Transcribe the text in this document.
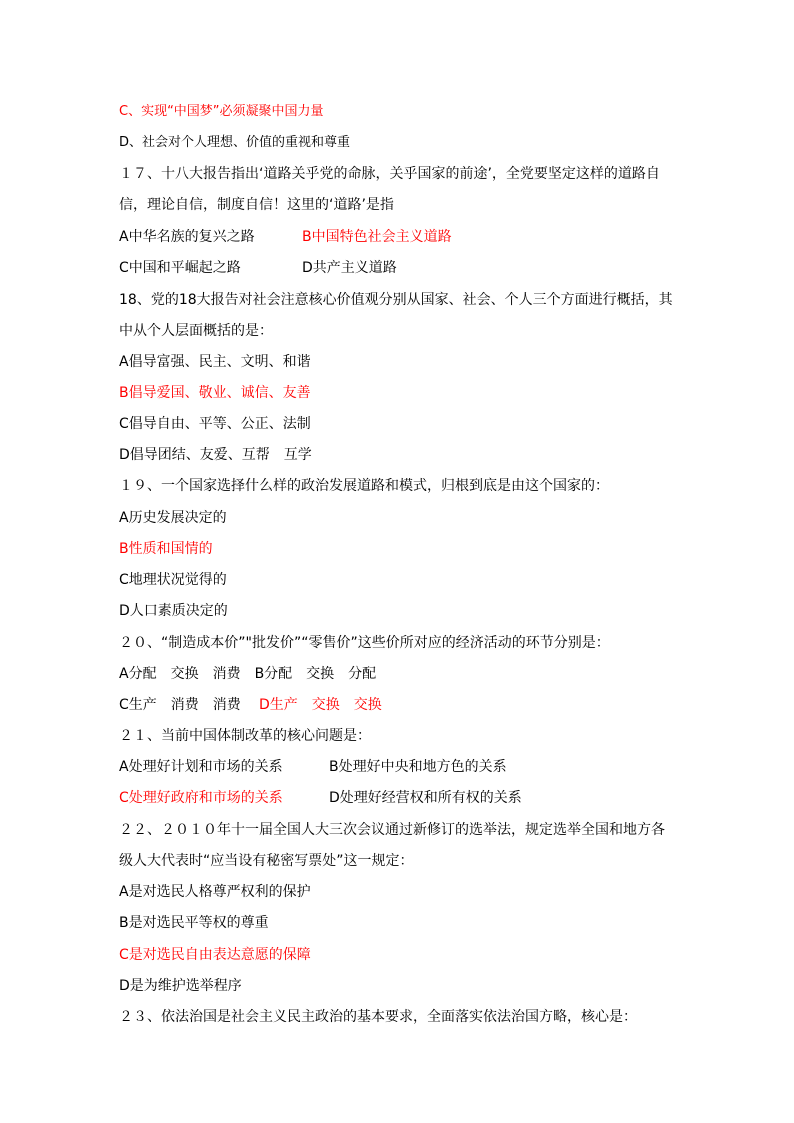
C、实现“中国梦”必须凝聚中国力量
D、社会对个人理想、价值的重视和尊重
１７、十八大报告指出‘道路关乎党的命脉，关乎国家的前途’，全党要坚定这样的道路自
信，理论自信，制度自信！这里的‘道路’是指
A中华名族的复兴之路	B中国特色社会主义道路
C中国和平崛起之路	D共产主义道路
18、党的18大报告对社会注意核心价值观分别从国家、社会、个人三个方面进行概括，其
中从个人层面概括的是：
A倡导富强、民主、文明、和谐
B倡导爱国、敬业、诚信、友善
C倡导自由、平等、公正、法制
D倡导团结、友爱、互帮　互学
１９、一个国家选择什么样的政治发展道路和模式，归根到底是由这个国家的：
A历史发展决定的
B性质和国情的
C地理状况觉得的
D人口素质决定的
２０、“制造成本价”"批发价”“零售价”这些价所对应的经济活动的环节分别是：
A分配　交换　消费　B分配　交换　分配
C生产　消费　消费 D生产　交换　交换
２１、当前中国体制改革的核心问题是：
A处理好计划和市场的关系	B处理好中央和地方色的关系
C处理好政府和市场的关系	D处理好经营权和所有权的关系
２２、２０１０年十一届全国人大三次会议通过新修订的选举法，规定选举全国和地方各
级人大代表时“应当设有秘密写票处”这一规定：
A是对选民人格尊严权利的保护
B是对选民平等权的尊重
C是对选民自由表达意愿的保障
D是为维护选举程序
２３、依法治国是社会主义民主政治的基本要求，全面落实依法治国方略，核心是：
